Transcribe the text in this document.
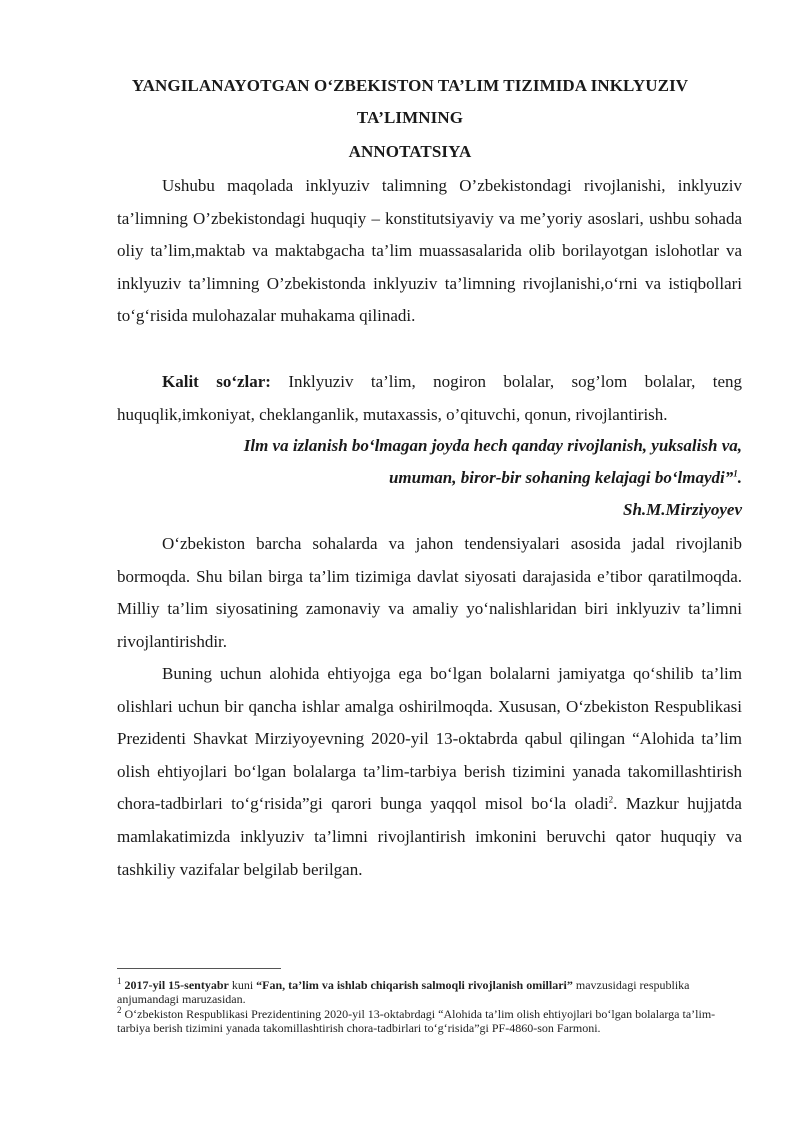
YANGILANAYOTGAN O‘ZBEKISTON TA’LIM TIZIMIDA INKLYUZIV
TA’LIMNING
ANNOTATSIYA
Ushubu maqolada inklyuziv talimning O’zbekistondagi rivojlanishi, inklyuziv ta’limning O’zbekistondagi huquqiy – konstitutsiyaviy va me’yoriy asoslari, ushbu sohada oliy ta’lim,maktab va maktabgacha ta’lim muassasalarida olib borilayotgan islohotlar va inklyuziv ta’limning O’zbekistonda inklyuziv ta’limning rivojlanishi,o‘rni va istiqbollari to‘g‘risida mulohazalar muhakama qilinadi.
Kalit so‘zlar: Inklyuziv ta’lim, nogiron bolalar, sog’lom bolalar, teng huquqlik,imkoniyat, cheklanganlik, mutaxassis, o’qituvchi, qonun, rivojlantirish.
Ilm va izlanish bo‘lmagan joyda hech qanday rivojlanish, yuksalish va,
umuman, biror-bir sohaning kelajagi bo‘lmaydi”$^1$.
Sh.M.Mirziyoyev
O‘zbekiston barcha sohalarda va jahon tendensiyalari asosida jadal rivojlanib bormoqda. Shu bilan birga ta’lim tizimiga davlat siyosati darajasida e’tibor qaratilmoqda. Milliy ta’lim siyosatining zamonaviy va amaliy yo‘nalishlaridan biri inklyuziv ta’limni rivojlantirishdir.
Buning uchun alohida ehtiyojga ega bo‘lgan bolalarni jamiyatga qo‘shilib ta’lim olishlari uchun bir qancha ishlar amalga oshirilmoqda. Xususan, O‘zbekiston Respublikasi Prezidenti Shavkat Mirziyoyevning 2020-yil 13-oktabrda qabul qilingan “Alohida ta’lim olish ehtiyojlari bo‘lgan bolalarga ta’lim-tarbiya berish tizimini yanada takomillashtirish chora-tadbirlari to‘g‘risida”gi qarori bunga yaqqol misol bo‘la oladi$^2$. Mazkur hujjatda mamlakatimizda inklyuziv ta’limni rivojlantirish imkonini beruvchi qator huquqiy va tashkiliy vazifalar belgilab berilgan.
$^1$ 2017-yil 15-sentyabr kuni “Fan, ta’lim va ishlab chiqarish salmoqli rivojlanish omillari” mavzusidagi respublika anjumandagi maruzasidan.
$^2$ O‘zbekiston Respublikasi Prezidentining 2020-yil 13-oktabrdagi “Alohida ta’lim olish ehtiyojlari bo‘lgan bolalarga ta’lim-tarbiya berish tizimini yanada takomillashtirish chora-tadbirlari to‘g‘risida”gi PF-4860-son Farmoni.
